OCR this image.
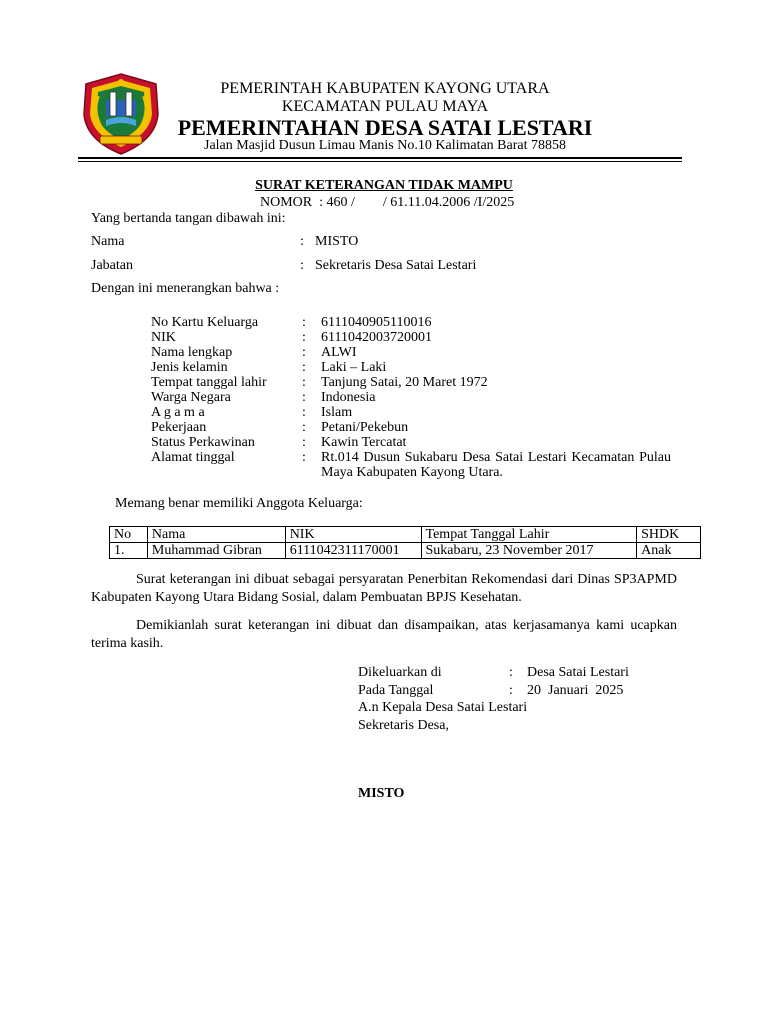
PEMERINTAH KABUPATEN KAYONG UTARA
KECAMATAN PULAU MAYA
PEMERINTAHAN DESA SATAI LESTARI
Jalan Masjid Dusun Limau Manis No.10 Kalimatan Barat 78858
SURAT KETERANGAN TIDAK MAMPU
NOMOR  : 460 /        / 61.11.04.2006 /I/2025
Yang bertanda tangan dibawah ini:
Nama	: MISTO
Jabatan	: Sekretaris Desa Satai Lestari
Dengan ini menerangkan bahwa :
No Kartu Keluarga	: 6111040905110016
NIK	: 6111042003720001
Nama lengkap	: ALWI
Jenis kelamin	: Laki – Laki
Tempat tanggal lahir	: Tanjung Satai, 20 Maret 1972
Warga Negara	: Indonesia
A g a m a	: Islam
Pekerjaan	: Petani/Pekebun
Status Perkawinan	: Kawin Tercatat
Alamat tinggal	: Rt.014 Dusun Sukabaru Desa Satai Lestari Kecamatan Pulau Maya Kabupaten Kayong Utara.
Memang benar memiliki Anggota Keluarga:
No	Nama	NIK	Tempat Tanggal Lahir	SHDK
1.	Muhammad Gibran	6111042311170001	Sukabaru, 23 November 2017	Anak
Surat keterangan ini dibuat sebagai persyaratan Penerbitan Rekomendasi dari Dinas SP3APMD Kabupaten Kayong Utara Bidang Sosial, dalam Pembuatan BPJS Kesehatan.
Demikianlah surat keterangan ini dibuat dan disampaikan, atas kerjasamanya kami ucapkan terima kasih.
Dikeluarkan di	: Desa Satai Lestari
Pada Tanggal	: 20  Januari  2025
A.n Kepala Desa Satai Lestari
Sekretaris Desa,
MISTO
